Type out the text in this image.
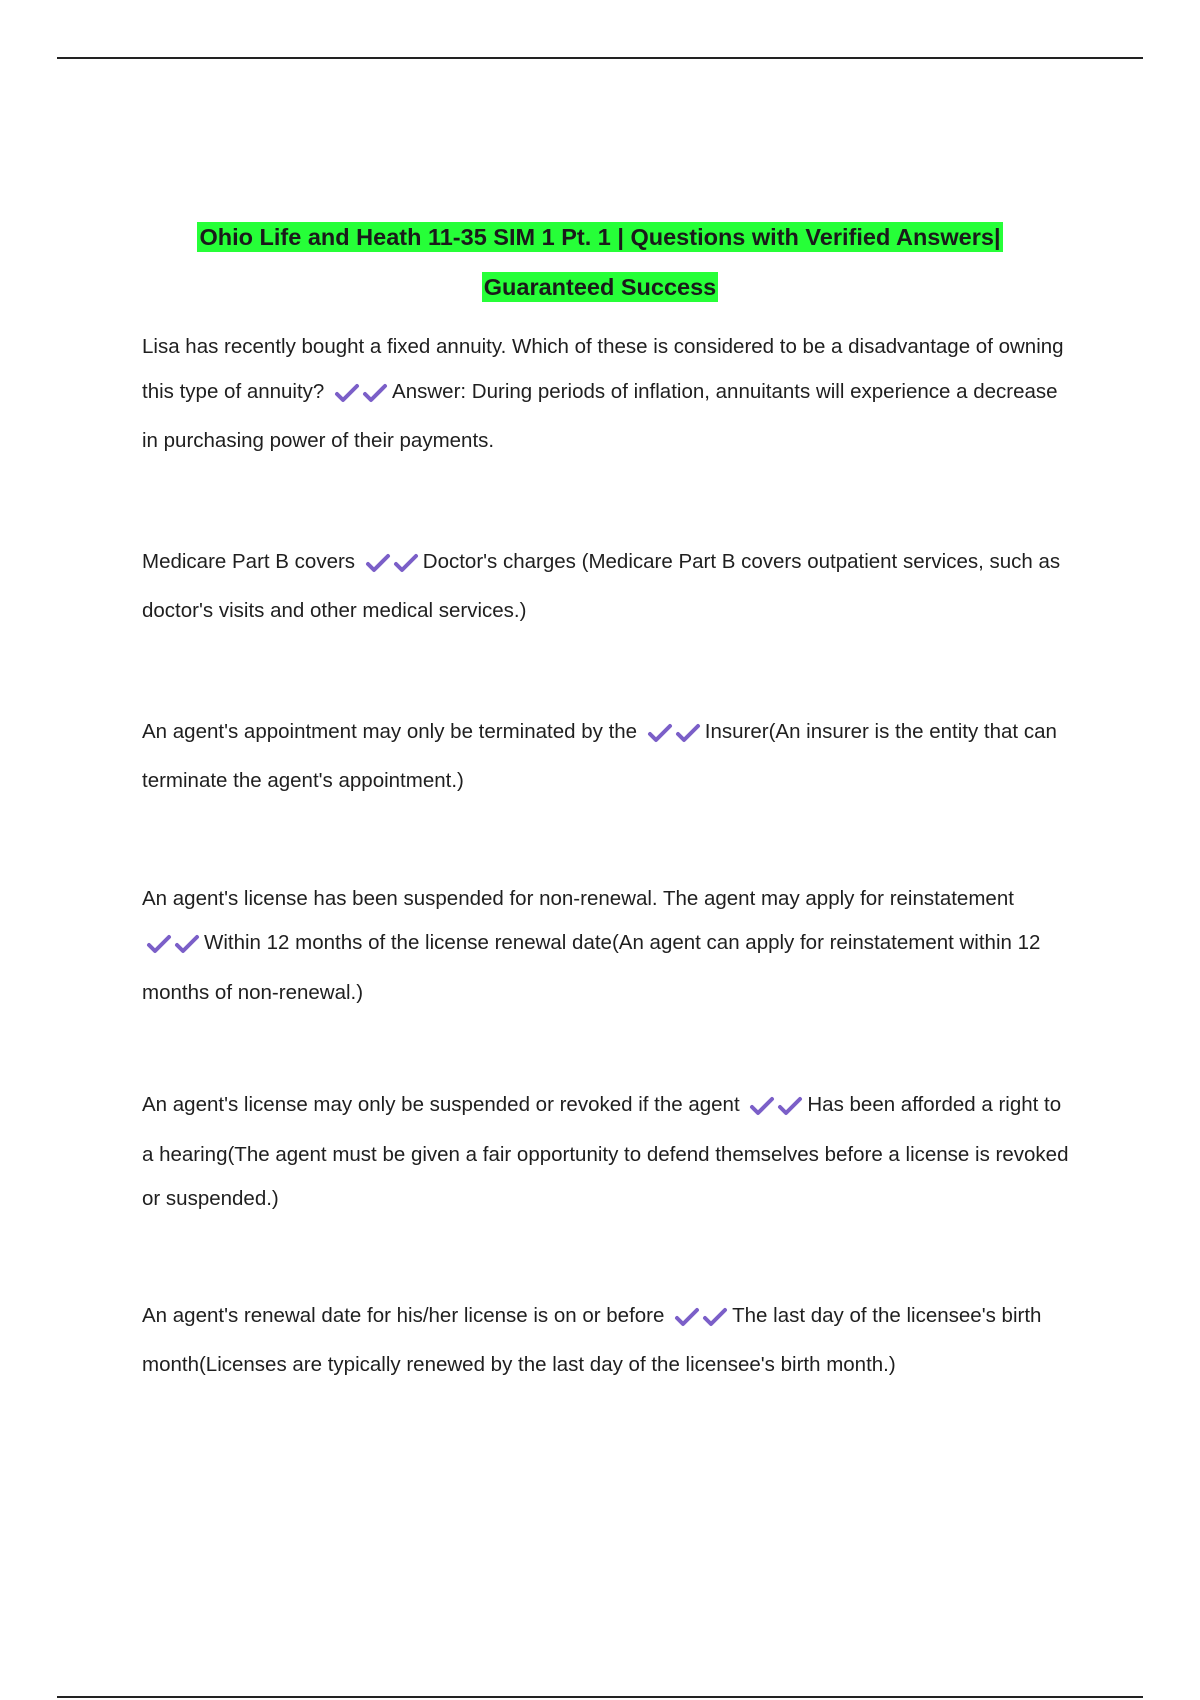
Ohio Life and Heath 11-35 SIM 1 Pt. 1 | Questions with Verified Answers|
Guaranteed Success

Lisa has recently bought a fixed annuity. Which of these is considered to be a disadvantage of owning this type of annuity?	Answer: During periods of inflation, annuitants will experience a decrease in purchasing power of their payments.

Medicare Part B covers	Doctor's charges (Medicare Part B covers outpatient services, such as doctor's visits and other medical services.)

An agent's appointment may only be terminated by the	Insurer(An insurer is the entity that can terminate the agent's appointment.)

An agent's license has been suspended for non-renewal. The agent may apply for reinstatement Within 12 months of the license renewal date(An agent can apply for reinstatement within 12 months of non-renewal.)

An agent's license may only be suspended or revoked if the agent	Has been afforded a right to a hearing(The agent must be given a fair opportunity to defend themselves before a license is revoked or suspended.)

An agent's renewal date for his/her license is on or before	The last day of the licensee's birth month(Licenses are typically renewed by the last day of the licensee's birth month.)
